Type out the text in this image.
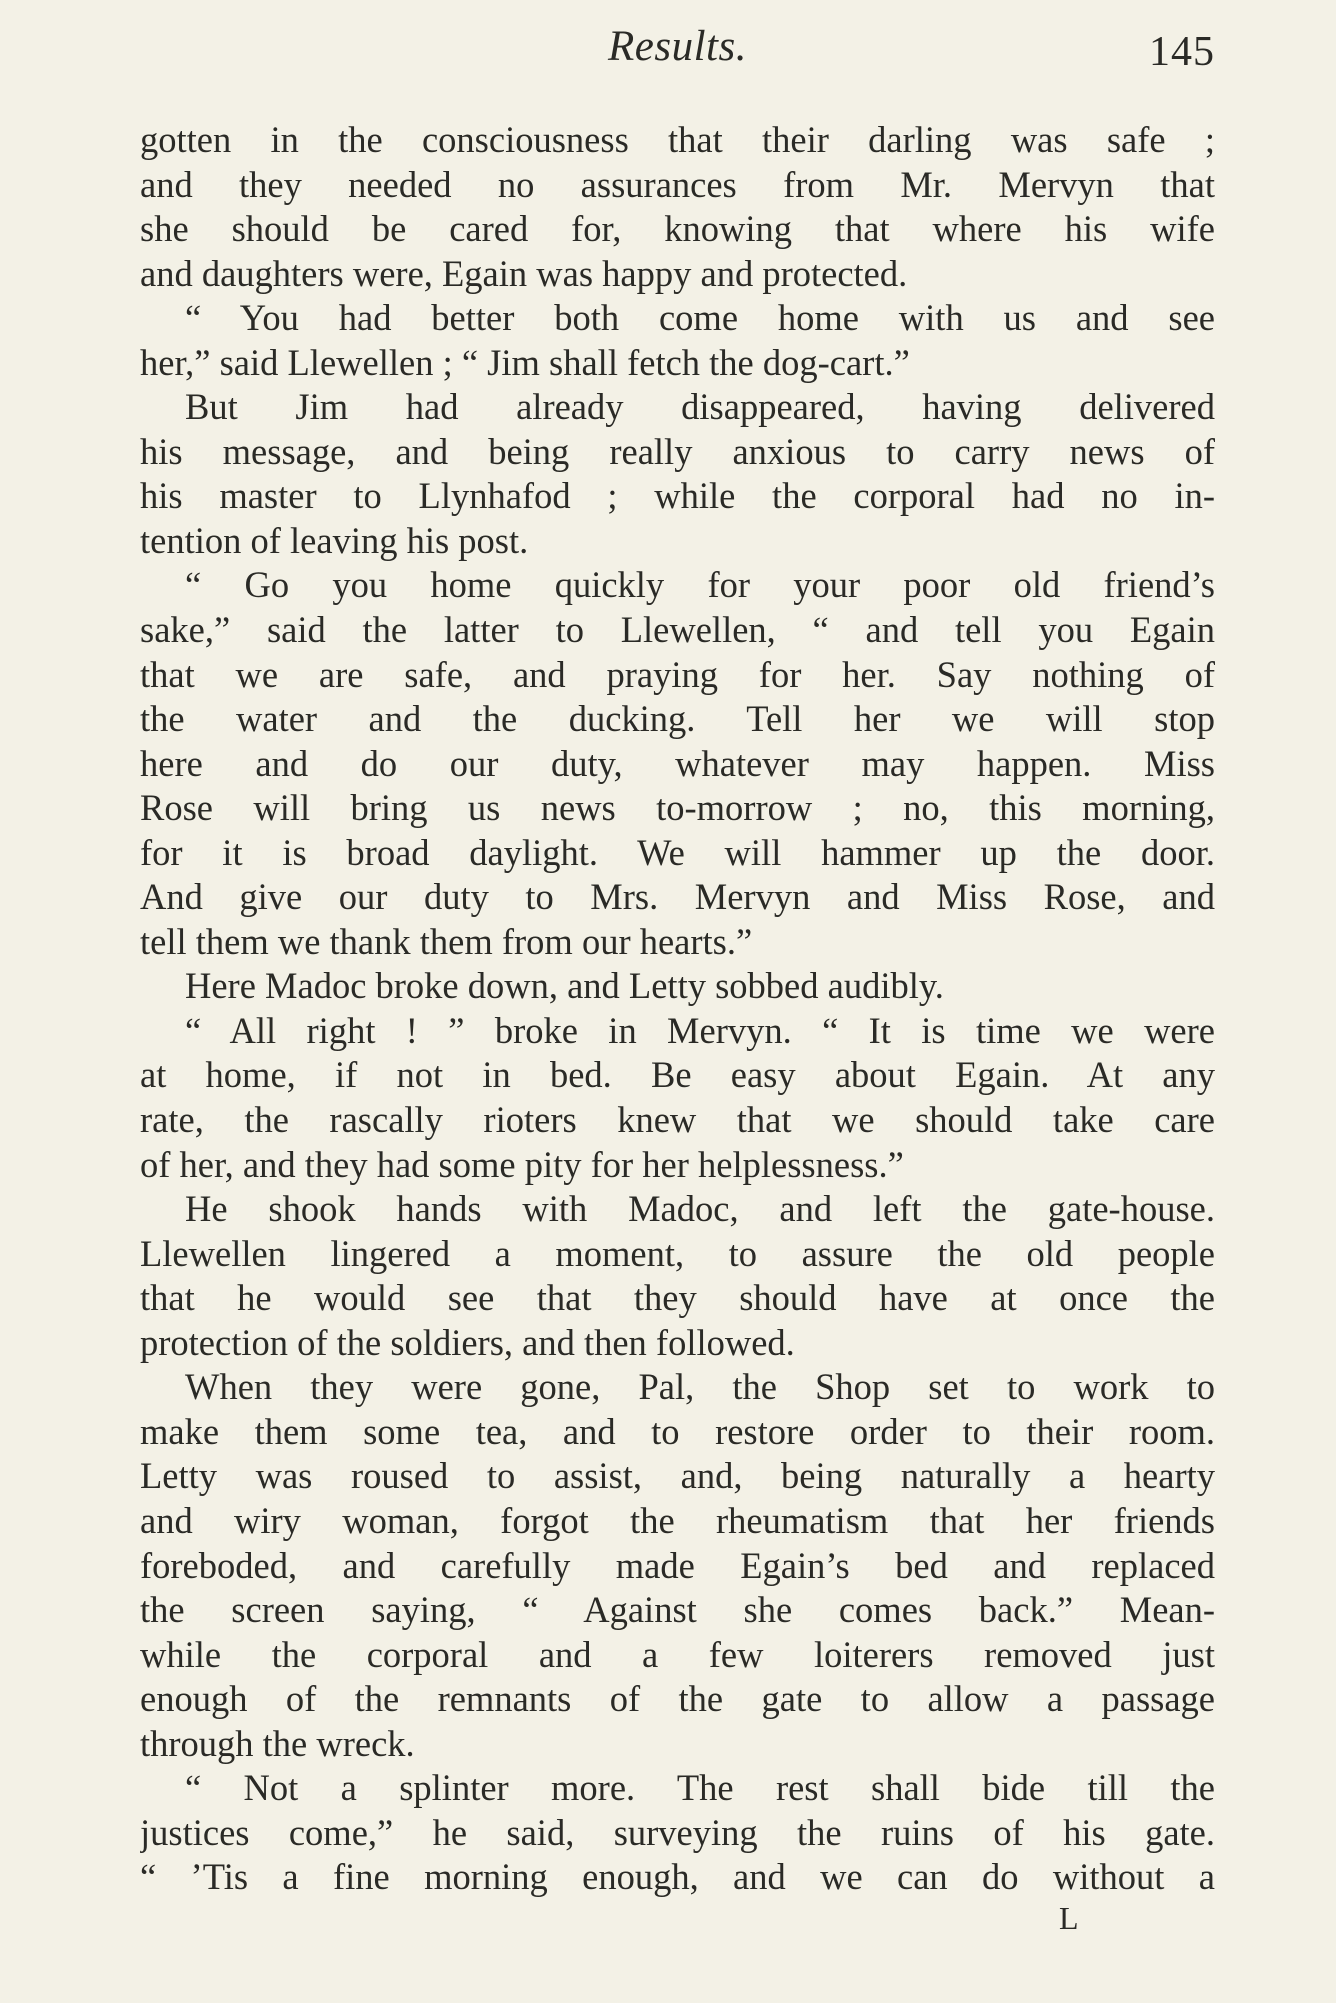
Results.	145
gotten in the consciousness that their darling was safe ;
and they needed no assurances from Mr. Mervyn that
she should be cared for, knowing that where his wife
and daughters were, Egain was happy and protected.
“ You had better both come home with us and see
her,” said Llewellen ; “ Jim shall fetch the dog-cart.”
But Jim had already disappeared, having delivered
his message, and being really anxious to carry news of
his master to Llynhafod ; while the corporal had no in-
tention of leaving his post.
“ Go you home quickly for your poor old friend’s
sake,” said the latter to Llewellen, “ and tell you Egain
that we are safe, and praying for her. Say nothing of
the water and the ducking. Tell her we will stop
here and do our duty, whatever may happen. Miss
Rose will bring us news to-morrow ; no, this morning,
for it is broad daylight. We will hammer up the door.
And give our duty to Mrs. Mervyn and Miss Rose, and
tell them we thank them from our hearts.”
Here Madoc broke down, and Letty sobbed audibly.
“ All right ! ” broke in Mervyn. “ It is time we were
at home, if not in bed. Be easy about Egain. At any
rate, the rascally rioters knew that we should take care
of her, and they had some pity for her helplessness.”
He shook hands with Madoc, and left the gate-house.
Llewellen lingered a moment, to assure the old people
that he would see that they should have at once the
protection of the soldiers, and then followed.
When they were gone, Pal, the Shop set to work to
make them some tea, and to restore order to their room.
Letty was roused to assist, and, being naturally a hearty
and wiry woman, forgot the rheumatism that her friends
foreboded, and carefully made Egain’s bed and replaced
the screen saying, “ Against she comes back.” Mean-
while the corporal and a few loiterers removed just
enough of the remnants of the gate to allow a passage
through the wreck.
“ Not a splinter more. The rest shall bide till the
justices come,” he said, surveying the ruins of his gate.
“ ’Tis a fine morning enough, and we can do without a
L
